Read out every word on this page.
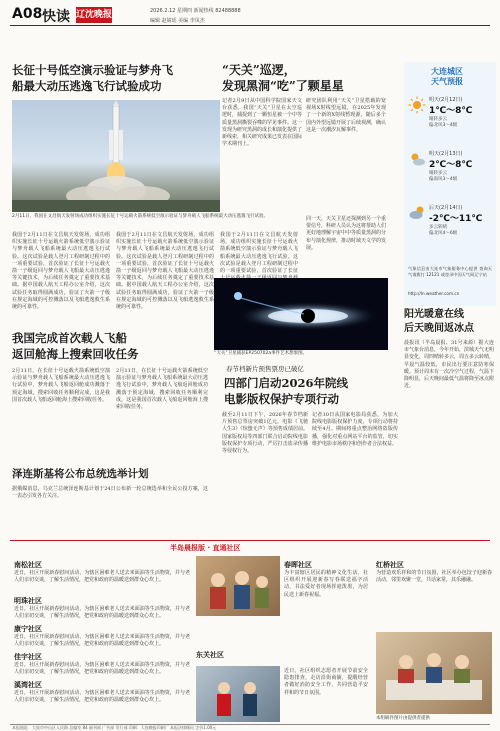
A08 快读 辽沈晚报	2026.2.12 星期四 新闻热线 82488888
编辑 赵婧瑶 美编 李凤杰
长征十号低空演示验证与梦舟飞
船最大动压逃逸飞行试验成功
2月11日，我国在文昌航天发射场成功组织实施长征十号运载火箭系统低空演示验证与梦舟载人飞船系统最大动压逃逸飞行试验。
我国于2月11日在文昌航天发射场，成功组织实施长征十号运载火箭系统低空演示验证与梦舟载人飞船系统最大动压逃逸飞行试验。这次试验是载人登月工程研制过程中的一项重要试验，首次验证了长征十号运载火箭一子级返回与梦舟载人飞船最大动压逃逸等关键技术，为后续任务奠定了重要技术基础。据中国载人航天工程办公室介绍，这次试验任务取得圆满成功，验证了火箭一子级在规定海域的可控溅落以及飞船逃逸救生系统的可靠性。
我国于2月11日在文昌航天发射场，成功组织实施长征十号运载火箭系统低空演示验证与梦舟载人飞船系统最大动压逃逸飞行试验。这次试验是载人登月工程研制过程中的一项重要试验，首次验证了长征十号运载火箭一子级返回与梦舟载人飞船最大动压逃逸等关键技术，为后续任务奠定了重要技术基础。据中国载人航天工程办公室介绍，这次试验任务取得圆满成功，验证了火箭一子级在规定海域的可控溅落以及飞船逃逸救生系统的可靠性。
我国于2月11日在文昌航天发射场，成功组织实施长征十号运载火箭系统低空演示验证与梦舟载人飞船系统最大动压逃逸飞行试验。这次试验是载人登月工程研制过程中的一项重要试验，首次验证了长征
“天关”巡逻，
发现黑洞“吃”了颗星星
记者2月9日从中国科学院国家天文台获悉，我国“天关”卫星在太空巡逻时，捕捉到了一颗恒星被一个中等质量黑洞撕裂吞噬的罕见事件。这一发现为研究黑洞的成长和演化提供了新线索，相关研究成果已发表在国际学术期刊上。
研究团队利用“天关”卫星搭载的宽视场X射线望远镜，在2025年发现了一个新的X射线暂现源，随后多个国内外望远镜开展了后续观测，确认这是一次潮汐瓦解事件。
同一天，天关卫星还探测到另一个重要信号，科研人员认为这将帮助人们更好地理解宇宙中中等质量黑洞的分布与演化规律，推动时域天文学的发展。
“天关”卫星捕获EP250702a事件艺术想象图。
大连城区
天气预报
明天(2月12日)
1℃～8℃
晴转多云
偏北风3～4级
明天(2月13日)
2℃～8℃
晴转多云
偏南风3～4级
后天(2月14日)
-2℃～11℃
多云转晴
偏北风4～6级
气象信息由大连市气象服务中心提供 查询天气请拨打 12121 或登录中国天气网辽宁站
http://ln.weather.com.cn
阳光暖意在线
后天晚间返冰点
晨报讯（半岛晨报、31号来源）据大连市气象台消息，今年开始，滨城天气无明显变化，周四晴转多云，周五多云转晴，早晨气温较低，市民出行要注意防寒保暖。预计周末有一次冷空气过程，气温下降明显，后天晚间最低气温将降至冰点附近。
我国完成首次载人飞船
返回舱海上搜索回收任务
2月11日，在长征十号运载火箭系统低空演示验证与梦舟载人飞船系统最大动压逃逸飞行试验中，梦舟载人飞船返回舱成功溅落于预定海域，搜索回收任务顺利完成，这是我国首次载人飞船返回舱海上搜索回收任务。
2月11日，在长征十号运载火箭系统低空演示验证与梦舟载人飞船系统最大动压逃逸飞行试验中，梦舟载人飞船返回舱成功溅落于预定海域，搜索回收任务顺利完成，这是我国首次载人飞船返回舱海上搜索回收任务。
泽连斯基将公布总统选举计划
据俄媒消息，乌克兰总统泽连斯基计划于24日公布新一轮总统选举和全民公投方案，这一表态引发各方关注。
春节档新片预售票房已破亿
四部门启动2026年院线
电影版权保护专项行动
截至2月11日下午，2026年春节档新片预售总票房突破1亿元，电影《飞驰人生3》《惊蛰无声》等预售成绩居前。国家版权局等四部门联合启动院线电影版权保护专项行动，严厉打击盗录传播等侵权行为。
记者10日从国家电影局获悉，为加大院线电影版权保护力度，专项行动将持续至4月。期间将重点整治网络盗版传播，强化对重点网站平台的监管，切实维护电影市场秩序和创作者合法权益。
半岛晨报版 · 直通社区
南松社区
近日，社区开展新春慰问活动，为辖区困难老人送去米面油等生活物资，并与老人们亲切交谈，了解生活情况，把党和政府的温暖送到群众心坎上。
明珠社区
近日，社区开展新春慰问活动，为辖区困难老人送去米面油等生活物资，并与老人们亲切交谈，了解生活情况，把党和政府的温暖送到群众心坎上。
康宁社区
近日，社区开展新春慰问活动，为辖区困难老人送去米面油等生活物资，并与老人们亲切交谈，了解生活情况，把党和政府的温暖送到群众心坎上。
佳宇社区
近日，社区开展新春慰问活动，为辖区困难老人送去米面油等生活物资，并与老人们亲切交谈，了解生活情况，把党和政府的温暖送到群众心坎上。
溪湾社区
近日，社区开展新春慰问活动，为辖区困难老人送去米面油等生活物资，并与老人们亲切交谈，了解生活情况，把党和政府的温暖送到群众心坎上。
春晖社区
为丰富辖区居民的精神文化生活，社区组织开展迎新春写春联送福字活动，书法爱好者现场挥毫泼墨，为居民送上新春祝福。
东关社区
近日，社区组织志愿者开展节前安全隐患排查，走访沿街商铺，提醒经营者做好消防安全工作，共同营造平安祥和的节日氛围。
红桥社区
为营造欢乐祥和的节日氛围，社区举办包饺子迎新春活动，邻里欢聚一堂，共话家常，其乐融融。
本组稿件图片由提供者提供
本报地址：大连市中山区人民路 总编室 84 副刊部 广告部 发行部 印刷：大连晚报印刷厂 本报法律顾问 定价1.00元
